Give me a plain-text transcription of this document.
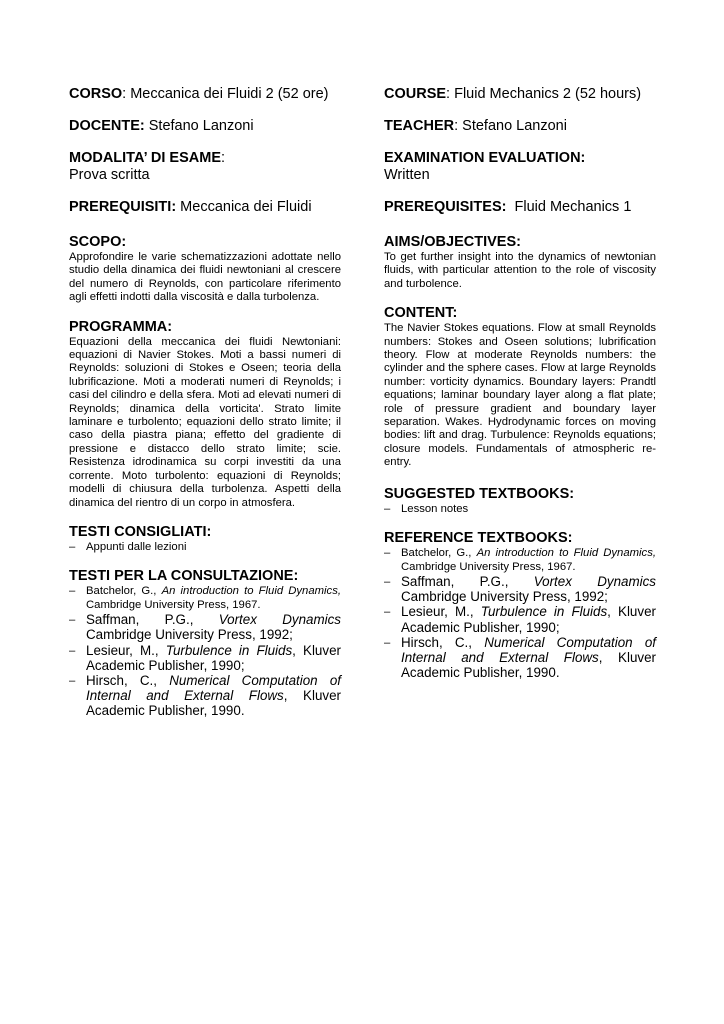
CORSO: Meccanica dei Fluidi 2 (52 ore)
DOCENTE: Stefano Lanzoni
MODALITA’ DI ESAME:
Prova scritta
PREREQUISITI: Meccanica dei Fluidi
SCOPO:
Approfondire le varie schematizzazioni adottate nello studio della dinamica dei fluidi newtoniani al crescere del numero di Reynolds, con particolare riferimento agli effetti indotti dalla viscosità e dalla turbolenza.
PROGRAMMA:
Equazioni della meccanica dei fluidi Newtoniani: equazioni di Navier Stokes. Moti a bassi numeri di Reynolds: soluzioni di Stokes e Oseen; teoria della lubrificazione. Moti a moderati numeri di Reynolds; i casi del cilindro e della sfera. Moti ad elevati numeri di Reynolds; dinamica della vorticita'. Strato limite laminare e turbolento; equazioni dello strato limite; il caso della piastra piana; effetto del gradiente di pressione e distacco dello strato limite; scie. Resistenza idrodinamica su corpi investiti da una corrente. Moto turbolento: equazioni di Reynolds; modelli di chiusura della turbolenza. Aspetti della dinamica del rientro di un corpo in atmosfera.
TESTI CONSIGLIATI:
– Appunti dalle lezioni
TESTI PER LA CONSULTAZIONE:
– Batchelor, G., An introduction to Fluid Dynamics, Cambridge University Press, 1967.
– Saffman, P.G., Vortex Dynamics Cambridge University Press, 1992;
– Lesieur, M., Turbulence in Fluids, Kluver Academic Publisher, 1990;
– Hirsch, C., Numerical Computation of Internal and External Flows, Kluver Academic Publisher, 1990.
COURSE: Fluid Mechanics 2 (52 hours)
TEACHER: Stefano Lanzoni
EXAMINATION EVALUATION:
Written
PREREQUISITES:  Fluid Mechanics 1
AIMS/OBJECTIVES:
To get further insight into the dynamics of newtonian fluids, with particular attention to the role of viscosity and turbolence.
CONTENT:
The Navier Stokes equations. Flow at small Reynolds numbers: Stokes and Oseen solutions; lubrification theory. Flow at moderate Reynolds numbers: the cylinder and the sphere cases. Flow at large Reynolds number: vorticity dynamics. Boundary layers: Prandtl equations; laminar boundary layer along a flat plate; role of pressure gradient and boundary layer separation. Wakes. Hydrodynamic forces on moving bodies: lift and drag. Turbulence: Reynolds equations; closure models. Fundamentals of atmospheric re-entry.
SUGGESTED TEXTBOOKS:
– Lesson notes
REFERENCE TEXTBOOKS:
– Batchelor, G., An introduction to Fluid Dynamics, Cambridge University Press, 1967.
– Saffman, P.G., Vortex Dynamics Cambridge University Press, 1992;
– Lesieur, M., Turbulence in Fluids, Kluver Academic Publisher, 1990;
– Hirsch, C., Numerical Computation of Internal and External Flows, Kluver Academic Publisher, 1990.
